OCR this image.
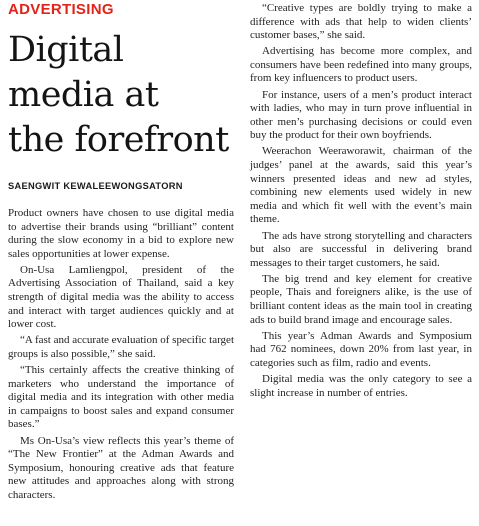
ADVERTISING
Digital
media at
the forefront
SAENGWIT KEWALEEWONGSATORN

Product owners have chosen to use digital media to advertise their brands using “brilliant” content during the slow economy in a bid to explore new sales opportunities at lower expense.

On-Usa Lamliengpol, president of the Advertising Association of Thailand, said a key strength of digital media was the ability to access and interact with target audiences quickly and at lower cost.

“A fast and accurate evaluation of specific target groups is also possible,” she said.

“This certainly affects the creative thinking of marketers who understand the importance of digital media and its integration with other media in campaigns to boost sales and expand consumer bases.”

Ms On-Usa’s view reflects this year’s theme of “The New Frontier” at the Adman Awards and Symposium, honouring creative ads that feature new attitudes and approaches along with strong characters.

“Creative types are boldly trying to make a difference with ads that help to widen clients’ customer bases,” she said.

Advertising has become more complex, and consumers have been redefined into many groups, from key influencers to product users.

For instance, users of a men’s product interact with ladies, who may in turn prove influential in other men’s purchasing decisions or could even buy the product for their own boyfriends.

Weerachon Weeraworawit, chairman of the judges’ panel at the awards, said this year’s winners presented ideas and new ad styles, combining new elements used widely in new media and which fit well with the event’s main theme.

The ads have strong storytelling and characters but also are successful in delivering brand messages to their target customers, he said.

The big trend and key element for creative people, Thais and foreigners alike, is the use of brilliant content ideas as the main tool in creating ads to build brand image and encourage sales.

This year’s Adman Awards and Symposium had 762 nominees, down 20% from last year, in categories such as film, radio and events.

Digital media was the only category to see a slight increase in number of entries.
